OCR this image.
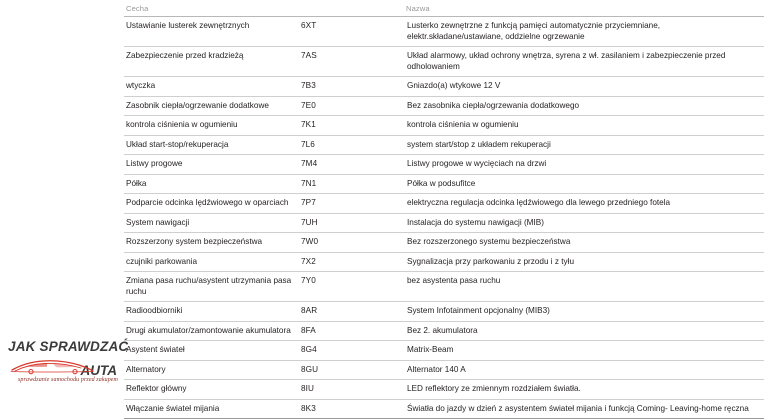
JAK SPRAWDZAĆ
AUTA
sprawdzanie samochodu przed zakupem
Cecha		Nazwa
Ustawianie lusterek zewnętrznych	6XT	Lusterko zewnętrzne z funkcją pamięci automatycznie przyciemniane, elektr.składane/ustawiane, oddzielne ogrzewanie
Zabezpieczenie przed kradzieżą	7AS	Układ alarmowy, układ ochrony wnętrza, syrena z wł. zasilaniem i zabezpieczenie przed odholowaniem
wtyczka	7B3	Gniazdo(a) wtykowe 12 V
Zasobnik ciepła/ogrzewanie dodatkowe	7E0	Bez zasobnika ciepła/ogrzewania dodatkowego
kontrola ciśnienia w ogumieniu	7K1	kontrola ciśnienia w ogumieniu
Układ start-stop/rekuperacja	7L6	system start/stop z układem rekuperacji
Listwy progowe	7M4	Listwy progowe w wycięciach na drzwi
Półka	7N1	Półka w podsufitce
Podparcie odcinka lędźwiowego w oparciach	7P7	elektryczna regulacja odcinka lędźwiowego dla lewego przedniego fotela
System nawigacji	7UH	Instalacja do systemu nawigacji (MIB)
Rozszerzony system bezpieczeństwa	7W0	Bez rozszerzonego systemu bezpieczeństwa
czujniki parkowania	7X2	Sygnalizacja przy parkowaniu z przodu i z tyłu
Zmiana pasa ruchu/asystent utrzymania pasa ruchu	7Y0	bez asystenta pasa ruchu
Radioodbiorniki	8AR	System Infotainment opcjonalny (MIB3)
Drugi akumulator/zamontowanie akumulatora	8FA	Bez 2. akumulatora
Asystent świateł	8G4	Matrix-Beam
Alternatory	8GU	Alternator 140 A
Reflektor główny	8IU	LED reflektory ze zmiennym rozdziałem światła.
Włączanie świateł mijania	8K3	Światła do jazdy w dzień z asystentem świateł mijania i funkcją Coming- Leaving-home ręczna
